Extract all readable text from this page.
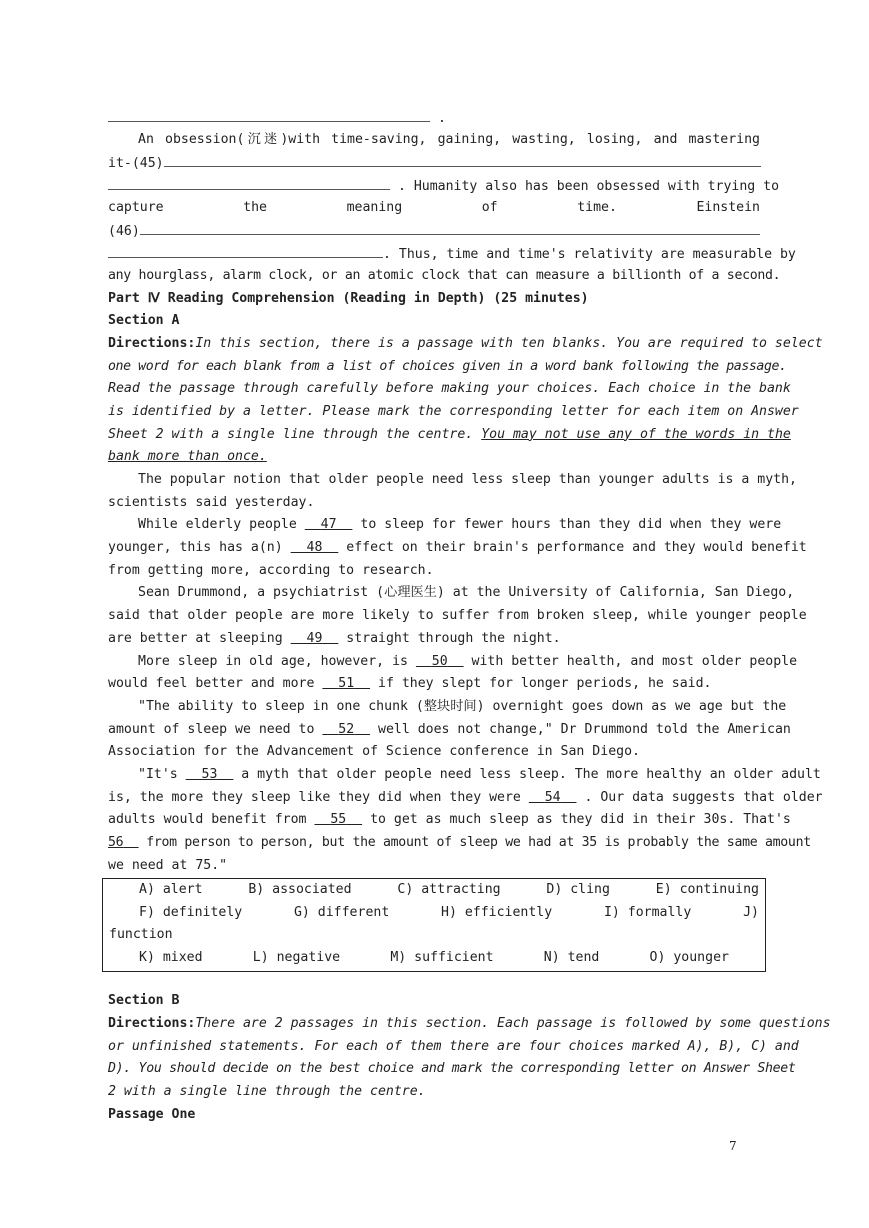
.
An obsession(沉迷)with time-saving, gaining, wasting, losing, and mastering
it-(45)
. Humanity also has been obsessed with trying to
capture the meaning of time. Einstein
(46)
. Thus, time and time's relativity are measurable by
any hourglass, alarm clock, or an atomic clock that can measure a billionth of a second.
Part Ⅳ Reading Comprehension (Reading in Depth) (25 minutes)
Section A
Directions:In this section, there is a passage with ten blanks. You are required to select
one word for each blank from a list of choices given in a word bank following the passage.
Read the passage through carefully before making your choices. Each choice in the bank
is identified by a letter. Please mark the corresponding letter for each item on Answer
Sheet 2 with a single line through the centre. You may not use any of the words in the
bank more than once.
The popular notion that older people need less sleep than younger adults is a myth,
scientists said yesterday.
While elderly people 47 to sleep for fewer hours than they did when they were
younger, this has a(n) 48 effect on their brain's performance and they would benefit
from getting more, according to research.
Sean Drummond, a psychiatrist (心理医生) at the University of California, San Diego,
said that older people are more likely to suffer from broken sleep, while younger people
are better at sleeping 49 straight through the night.
More sleep in old age, however, is 50 with better health, and most older people
would feel better and more 51 if they slept for longer periods, he said.
"The ability to sleep in one chunk (整块时间) overnight goes down as we age but the
amount of sleep we need to 52 well does not change," Dr Drummond told the American
Association for the Advancement of Science conference in San Diego.
"It's 53 a myth that older people need less sleep. The more healthy an older adult
is, the more they sleep like they did when they were 54 . Our data suggests that older
adults would benefit from 55 to get as much sleep as they did in their 30s. That's
56 from person to person, but the amount of sleep we had at 35 is probably the same amount
we need at 75."
Section B
Directions:There are 2 passages in this section. Each passage is followed by some questions
or unfinished statements. For each of them there are four choices marked A), B), C) and
D). You should decide on the best choice and mark the corresponding letter on Answer Sheet
2 with a single line through the centre.
Passage One
A) alert	B) associated	C) attracting	D) cling	E) continuing
F) definitely	G) different	H) efficiently	I) formally	J)
function
K) mixed	L) negative	M) sufficient	N) tend	O) younger
7
